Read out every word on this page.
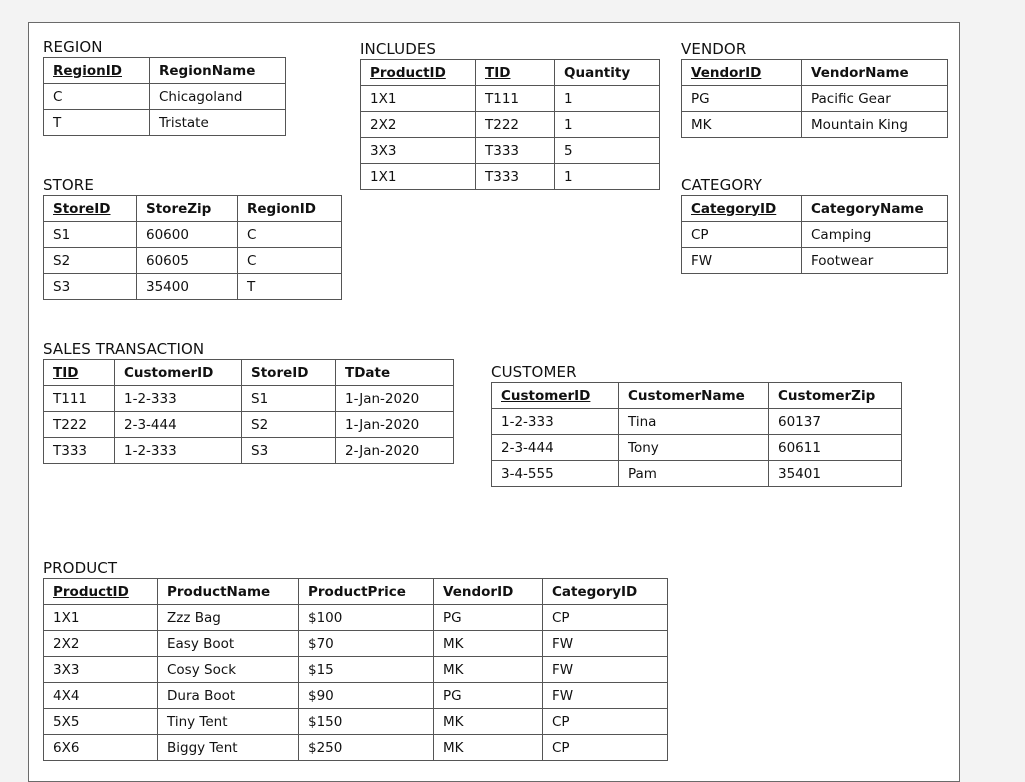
REGION
RegionID	RegionName
C	Chicagoland
T	Tristate
INCLUDES
ProductID	TID	Quantity
1X1	T111	1
2X2	T222	1
3X3	T333	5
1X1	T333	1
VENDOR
VendorID	VendorName
PG	Pacific Gear
MK	Mountain King
STORE
StoreID	StoreZip	RegionID
S1	60600	C
S2	60605	C
S3	35400	T
CATEGORY
CategoryID	CategoryName
CP	Camping
FW	Footwear
SALES TRANSACTION
TID	CustomerID	StoreID	TDate
T111	1-2-333	S1	1-Jan-2020
T222	2-3-444	S2	1-Jan-2020
T333	1-2-333	S3	2-Jan-2020
CUSTOMER
CustomerID	CustomerName	CustomerZip
1-2-333	Tina	60137
2-3-444	Tony	60611
3-4-555	Pam	35401
PRODUCT
ProductID	ProductName	ProductPrice	VendorID	CategoryID
1X1	Zzz Bag	$100	PG	CP
2X2	Easy Boot	$70	MK	FW
3X3	Cosy Sock	$15	MK	FW
4X4	Dura Boot	$90	PG	FW
5X5	Tiny Tent	$150	MK	CP
6X6	Biggy Tent	$250	MK	CP
